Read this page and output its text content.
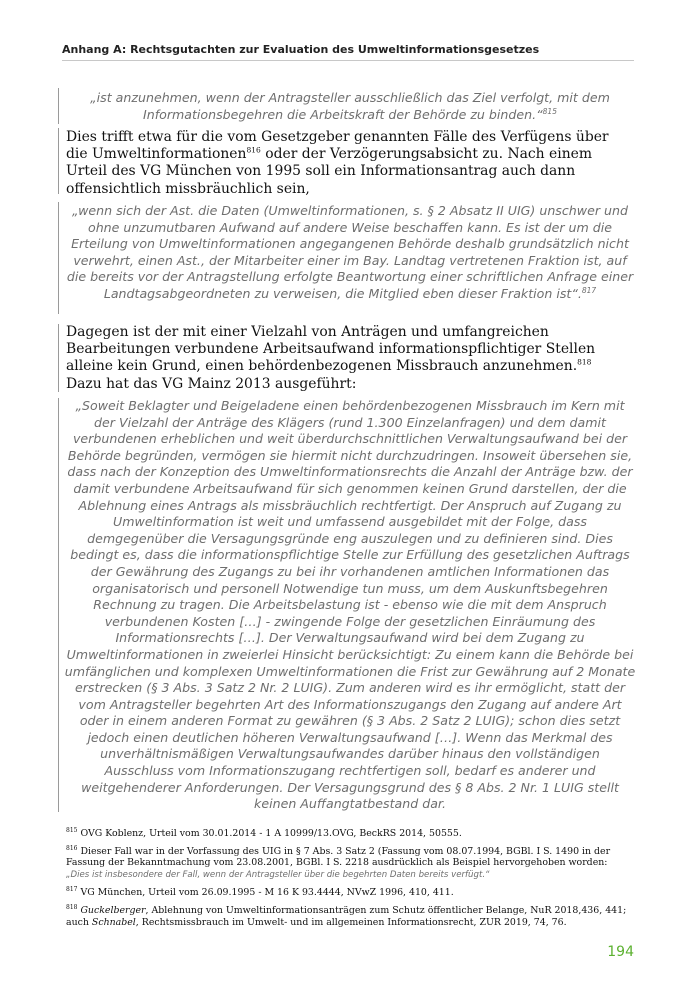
Anhang A: Rechtsgutachten zur Evaluation des Umweltinformationsgesetzes

„ist anzunehmen, wenn der Antragsteller ausschließlich das Ziel verfolgt, mit dem Informationsbegehren die Arbeitskraft der Behörde zu binden.“$^{815}$

Dies trifft etwa für die vom Gesetzgeber genannten Fälle des Verfügens über die Umweltinformationen$^{816}$ oder der Verzögerungsabsicht zu. Nach einem Urteil des VG München von 1995 soll ein Informationsantrag auch dann offensichtlich missbräuchlich sein,

„wenn sich der Ast. die Daten (Umweltinformationen, s. § 2 Absatz II UIG) unschwer und ohne unzumutbaren Aufwand auf andere Weise beschaffen kann. Es ist der um die Erteilung von Umweltinformationen angegangenen Behörde deshalb grundsätzlich nicht verwehrt, einen Ast., der Mitarbeiter einer im Bay. Landtag vertretenen Fraktion ist, auf die bereits vor der Antragstellung erfolgte Beantwortung einer schriftlichen Anfrage einer Landtagsabgeordneten zu verweisen, die Mitglied eben dieser Fraktion ist“.$^{817}$

Dagegen ist der mit einer Vielzahl von Anträgen und umfangreichen Bearbeitungen verbundene Arbeitsaufwand informationspflichtiger Stellen alleine kein Grund, einen behördenbezogenen Missbrauch anzunehmen.$^{818}$ Dazu hat das VG Mainz 2013 ausgeführt:

„Soweit Beklagter und Beigeladene einen behördenbezogenen Missbrauch im Kern mit der Vielzahl der Anträge des Klägers (rund 1.300 Einzelanfragen) und dem damit verbundenen erheblichen und weit überdurchschnittlichen Verwaltungsaufwand bei der Behörde begründen, vermögen sie hiermit nicht durchzudringen. Insoweit übersehen sie, dass nach der Konzeption des Umweltinformationsrechts die Anzahl der Anträge bzw. der damit verbundene Arbeitsaufwand für sich genommen keinen Grund darstellen, der die Ablehnung eines Antrags als missbräuchlich rechtfertigt. Der Anspruch auf Zugang zu Umweltinformation ist weit und umfassend ausgebildet mit der Folge, dass demgegenüber die Versagungsgründe eng auszulegen und zu definieren sind. Dies bedingt es, dass die informationspflichtige Stelle zur Erfüllung des gesetzlichen Auftrags der Gewährung des Zugangs zu bei ihr vorhandenen amtlichen Informationen das organisatorisch und personell Notwendige tun muss, um dem Auskunftsbegehren Rechnung zu tragen. Die Arbeitsbelastung ist - ebenso wie die mit dem Anspruch verbundenen Kosten […] - zwingende Folge der gesetzlichen Einräumung des Informationsrechts […]. Der Verwaltungsaufwand wird bei dem Zugang zu Umweltinformationen in zweierlei Hinsicht berücksichtigt: Zu einem kann die Behörde bei umfänglichen und komplexen Umweltinformationen die Frist zur Gewährung auf 2 Monate erstrecken (§ 3 Abs. 3 Satz 2 Nr. 2 LUIG). Zum anderen wird es ihr ermöglicht, statt der vom Antragsteller begehrten Art des Informationszugangs den Zugang auf andere Art oder in einem anderen Format zu gewähren (§ 3 Abs. 2 Satz 2 LUIG); schon dies setzt jedoch einen deutlichen höheren Verwaltungsaufwand […]. Wenn das Merkmal des unverhältnismäßigen Verwaltungsaufwandes darüber hinaus den vollständigen Ausschluss vom Informationszugang rechtfertigen soll, bedarf es anderer und weitgehenderer Anforderungen. Der Versagungsgrund des § 8 Abs. 2 Nr. 1 LUIG stellt keinen Auffangtatbestand dar.

$^{815}$ OVG Koblenz, Urteil vom 30.01.2014 - 1 A 10999/13.OVG, BeckRS 2014, 50555.

$^{816}$ Dieser Fall war in der Vorfassung des UIG in § 7 Abs. 3 Satz 2 (Fassung vom 08.07.1994, BGBl. I S. 1490 in der Fassung der Bekanntmachung vom 23.08.2001, BGBl. I S. 2218 ausdrücklich als Beispiel hervorgehoben worden:
„Dies ist insbesondere der Fall, wenn der Antragsteller über die begehrten Daten bereits verfügt.“

$^{817}$ VG München, Urteil vom 26.09.1995 - M 16 K 93.4444, NVwZ 1996, 410, 411.

$^{818}$ Guckelberger, Ablehnung von Umweltinformationsanträgen zum Schutz öffentlicher Belange, NuR 2018,436, 441; auch Schnabel, Rechtsmissbrauch im Umwelt- und im allgemeinen Informationsrecht, ZUR 2019, 74, 76.

194
